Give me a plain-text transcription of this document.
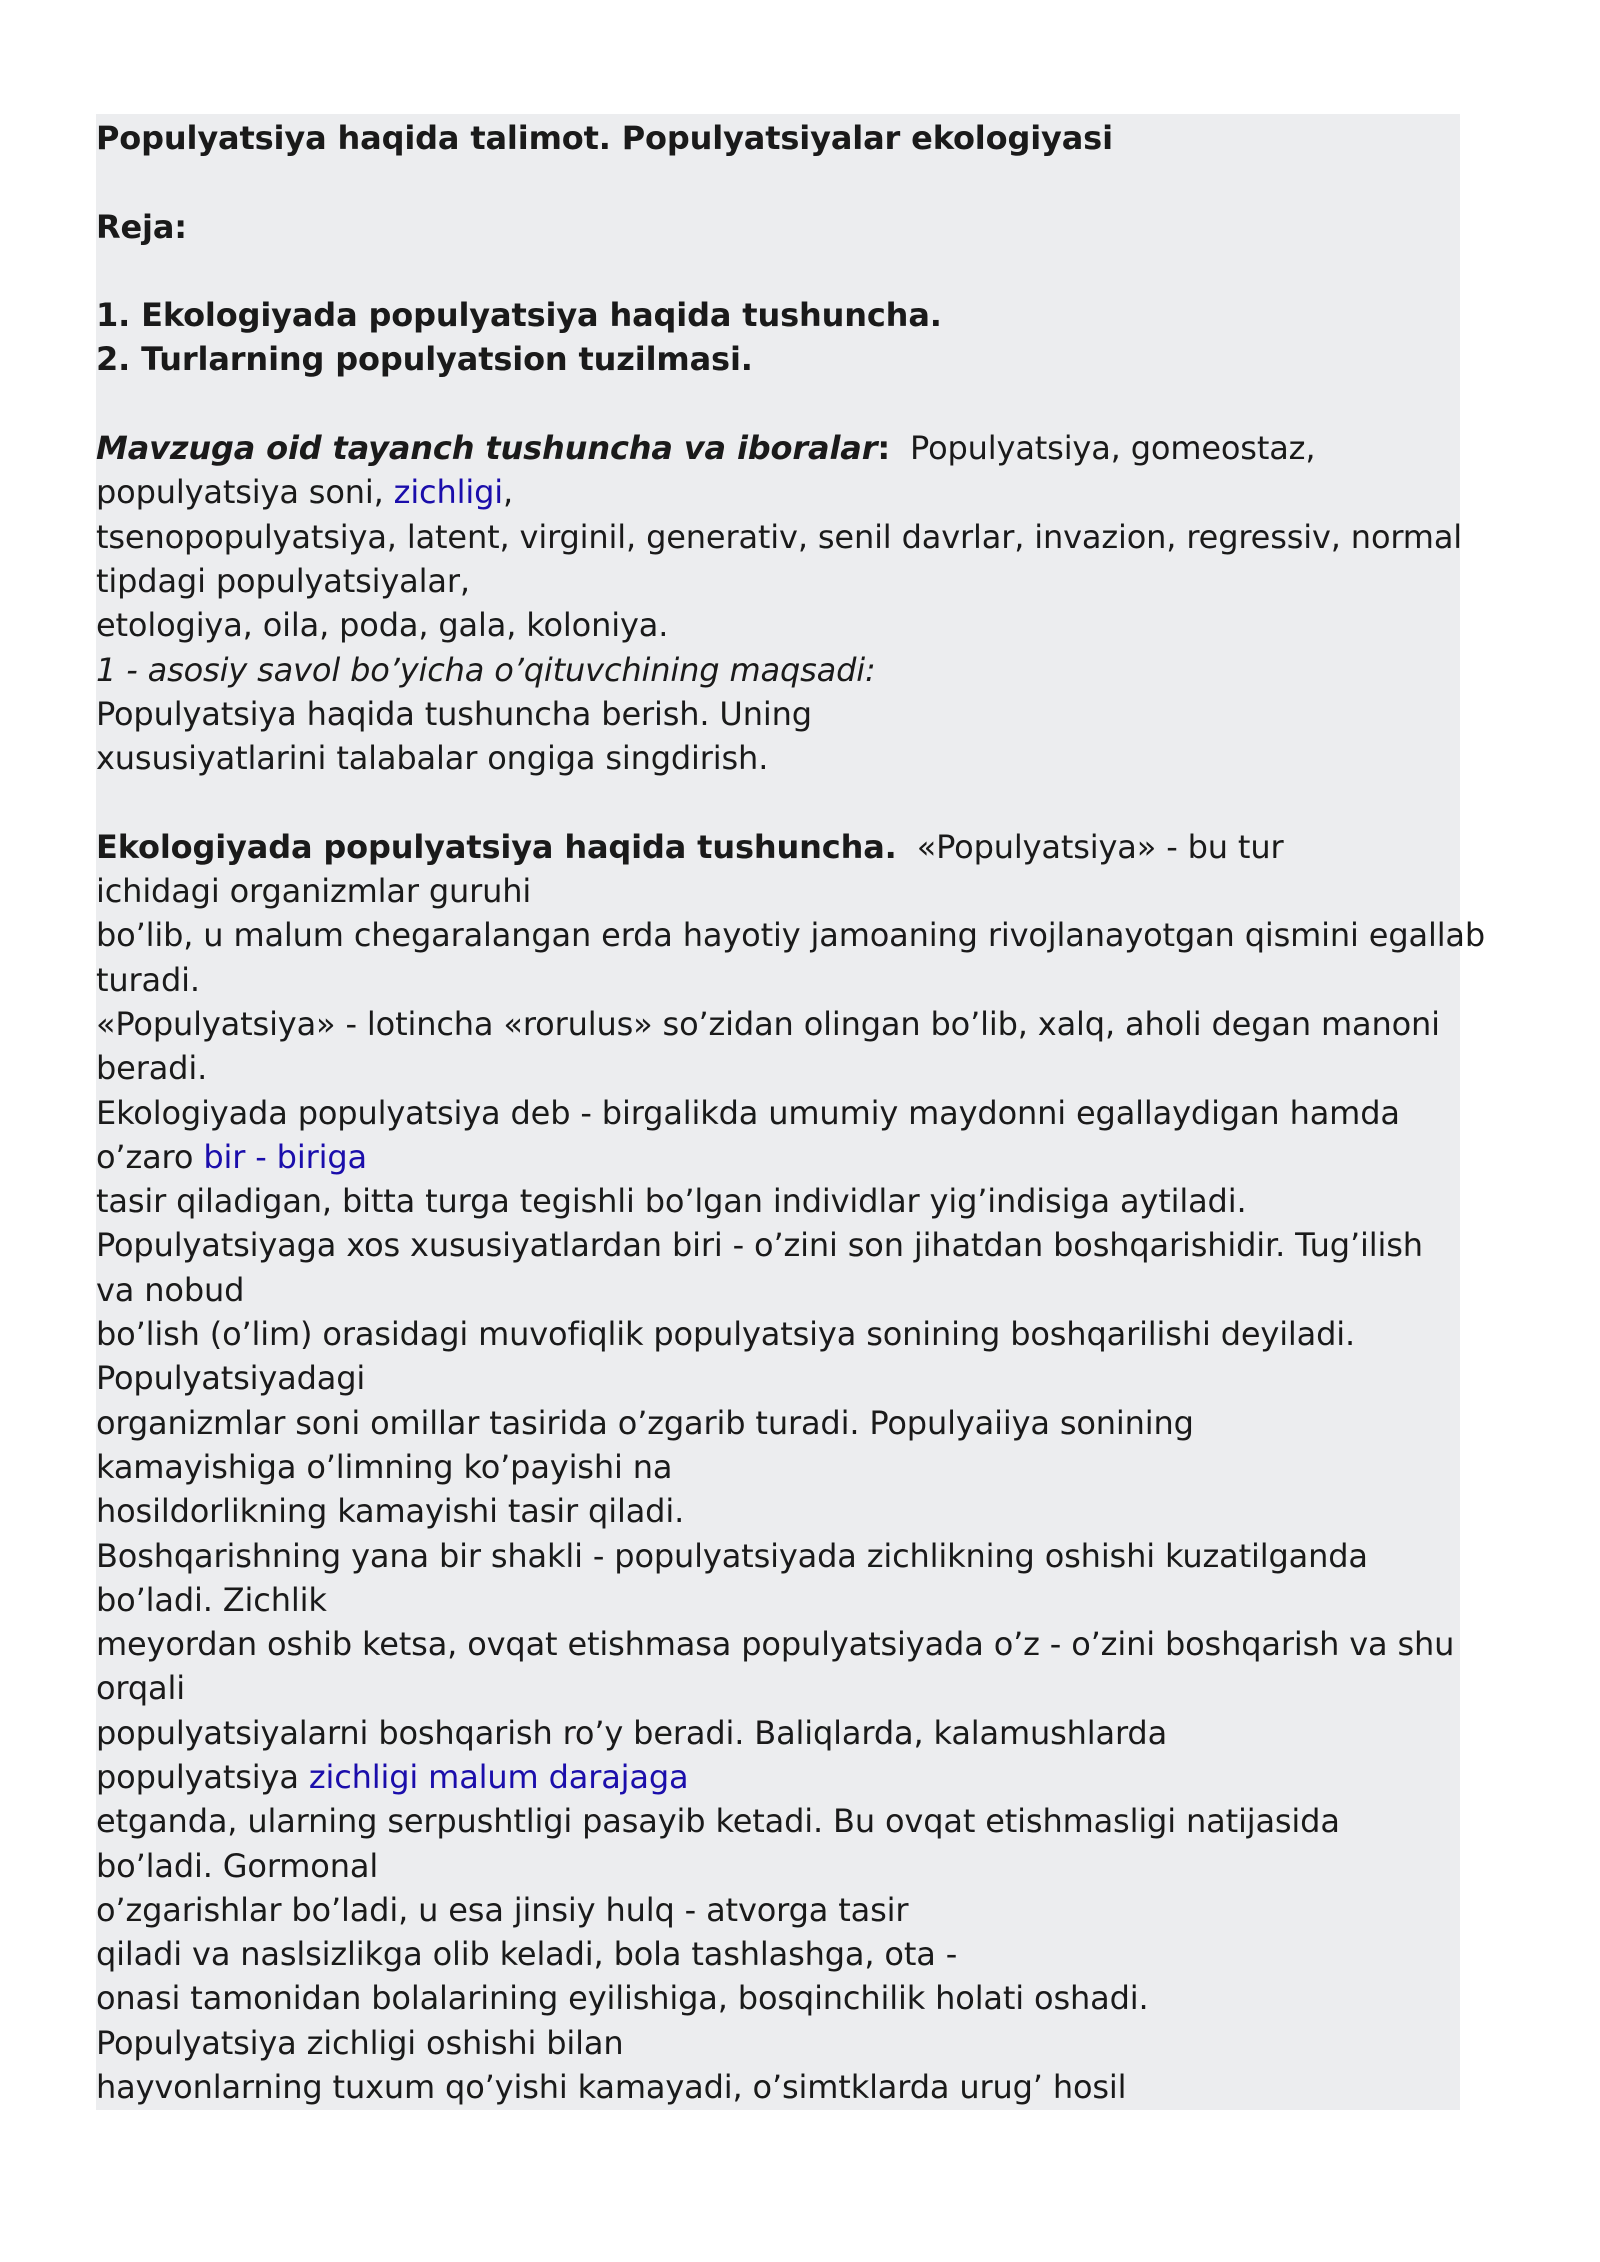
Populyatsiya haqida talimot. Populyatsiyalar ekologiyasi
Reja:
1. Ekologiyada populyatsiya haqida tushuncha.
2. Turlarning populyatsion tuzilmasi.
Mavzuga oid tayanch tushuncha va iboralar:  Populyatsiya, gomeostaz,
populyatsiya soni, zichligi,
tsenopopulyatsiya, latent, virginil, generativ, senil davrlar, invazion, regressiv, normal
tipdagi populyatsiyalar,
etologiya, oila, poda, gala, koloniya.
1 - asosiy savol bo’yicha o’qituvchining maqsadi:
Populyatsiya haqida tushuncha berish. Uning
xususiyatlarini talabalar ongiga singdirish.
Ekologiyada populyatsiya haqida tushuncha.  «Populyatsiya» - bu tur
ichidagi organizmlar guruhi
bo’lib, u malum chegaralangan erda hayotiy jamoaning rivojlanayotgan qismini egallab
turadi.
«Populyatsiya» - lotincha «rorulus» so’zidan olingan bo’lib, xalq, aholi degan manoni
beradi.
Ekologiyada populyatsiya deb - birgalikda umumiy maydonni egallaydigan hamda
o’zaro bir - biriga
tasir qiladigan, bitta turga tegishli bo’lgan individlar yig’indisiga aytiladi.
Populyatsiyaga xos xususiyatlardan biri - o’zini son jihatdan boshqarishidir. Tug’ilish
va nobud
bo’lish (o’lim) orasidagi muvofiqlik populyatsiya sonining boshqarilishi deyiladi.
Populyatsiyadagi
organizmlar soni omillar tasirida o’zgarib turadi. Populyaiiya sonining
kamayishiga o’limning ko’payishi na
hosildorlikning kamayishi tasir qiladi.
Boshqarishning yana bir shakli - populyatsiyada zichlikning oshishi kuzatilganda
bo’ladi. Zichlik
meyordan oshib ketsa, ovqat etishmasa populyatsiyada o’z - o’zini boshqarish va shu
orqali
populyatsiyalarni boshqarish ro’y beradi. Baliqlarda, kalamushlarda
populyatsiya zichligi malum darajaga
etganda, ularning serpushtligi pasayib ketadi. Bu ovqat etishmasligi natijasida
bo’ladi. Gormonal
o’zgarishlar bo’ladi, u esa jinsiy hulq - atvorga tasir
qiladi va naslsizlikga olib keladi, bola tashlashga, ota -
onasi tamonidan bolalarining eyilishiga, bosqinchilik holati oshadi.
Populyatsiya zichligi oshishi bilan
hayvonlarning tuxum qo’yishi kamayadi, o’simtklarda urug’ hosil
